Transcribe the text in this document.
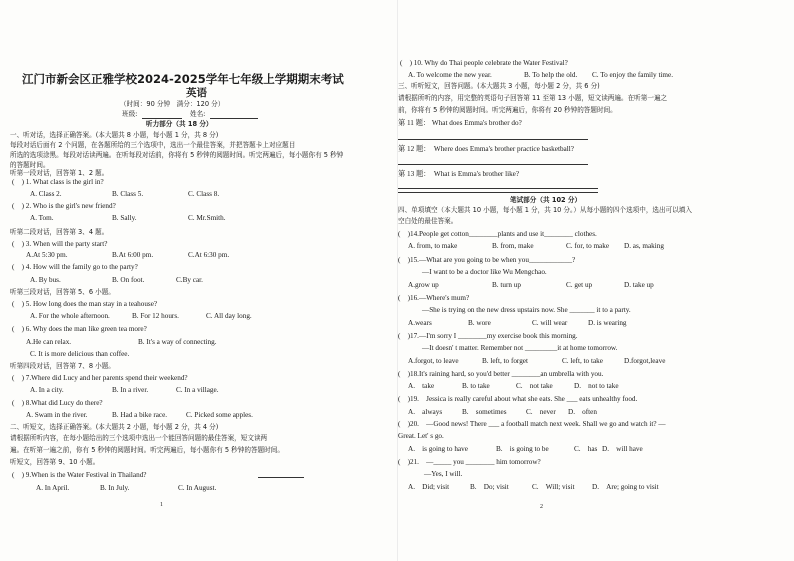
江门市新会区正雅学校2024-2025学年七年级上学期期末考试
英语
（时间：90 分钟　满分：120 分）
班级:	姓名:
听力部分（共 18 分）
一、听对话，选择正确答案。(本大题共 8 小题，每小题 1 分，共 8 分)
每段对话后面有 2 个问题，在各题所给的三个选项中，选出一个最佳答案，并把答题卡上对应题目
所选的选项涂黑。每段对话读两遍。在听每段对话前，你将有 5 秒钟的阅题时间。听完两遍后，每小题你有 5 秒钟
的答题时间。
听第一段对话，回答第 1、2 题。
(　) 1. What class is the girl in?
A. Class 2.	B. Class 5.	C. Class 8.
(　) 2. Who is the girl's new friend?
A. Tom.	B. Sally.	C. Mr.Smith.
听第二段对话，回答第 3、4 题。
(　) 3. When will the party start?
A.At 5:30 pm.	B.At 6:00 pm.	C.At 6:30 pm.
(　) 4. How will the family go to the party?
A. By bus.	B. On foot.	C.By car.
听第三段对话，回答第 5、6 小题。
(　) 5. How long does the man stay in a teahouse?
A. For the whole afternoon.	B. For 12 hours.	C. All day long.
(　) 6. Why does the man like green tea more?
A.He can relax.	B. It's a way of connecting.
C. It is more delicious than coffee.
听第四段对话，回答第 7、8 小题。
(　) 7.Where did Lucy and her parents spend their weekend?
A. In a city.	B. In a river.	C. In a village.
(　) 8.What did Lucy do there?
A. Swam in the river.	B. Had a bike race.	C. Picked some apples.
二、听短文，选择正确答案。(本大题共 2 小题，每小题 2 分，共 4 分)
请根据所听内容，在每小题给出的三个选项中选出一个能回答问题的最佳答案，短文读两
遍。在听第一遍之前，你有 5 秒钟的阅题时间。听完两遍后，每小题你有 5 秒钟的答题时间。
听短文，回答第 9、10 小题。
(　) 9.When is the Water Festival in Thailand?
A. In April.	B. In July.	C. In August.
1
(　) 10. Why do Thai people celebrate the Water Festival?
A. To welcome the new year.	B. To help the old. C. To enjoy the family time.
三、听听短文，回答问题。(本大题共 3 小题，每小题 2 分，共 6 分)
请根据所听的内容，用完整的英语句子回答第 11 至第 13 小题，短文读两遍。在听第一遍之
前，你将有 5 秒钟的阅题时间。听完两遍后，你将有 20 秒钟的答题时间。
第 11 题： What does Emma's brother do?
第 12 题：　Where does Emma's brother practice basketball?
第 13 题：　What is Emma's brother like?
笔试部分（共 102 分）
四、单项填空（本大题共 10 小题，每小题 1 分，共 10 分。）从每小题的四个选项中，选出可以填入
空白处的最佳答案。
(　)14.People get cotton________plants and use it________ clothes.
A. from, to make	B. from, make	C. for, to make D. as, making
(　)15.—What are you going to be when you____________?
—I want to be a doctor like Wu Mengchao.
A.grow up	B. turn up	C. get up	D. take up
(　)16.—Where's mum?
—She is trying on the new dress upstairs now. She _______ it to a party.
A.wears	B. wore	C. will wear	D. is wearing
(　)17.—I'm sorry I ________my exercise book this morning.
—It doesn' t matter. Remember not _________it at home tomorrow.
A.forgot, to leave	B. left, to forget	C. left, to take	D.forgot,leave
(　)18.It's raining hard, so you'd better ________an umbrella with you.
A.　take	B. to take	C.　not take	D.　not to take
(　)19.　Jessica is really careful about what she eats. She ___ eats unhealthy food.
A.　always	B.　sometimes	C.　never D.　often
(　)20.　—Good news! There ___ a football match next week. Shall we go and watch it? —
Great. Let' s go.
A.　is going to have	B.　is going to be	C.　has D.　will have
(　)21.　—_____ you ________ him tomorrow?
—Yes, I will.
A.　Did; visit	B.　Do; visit	C.　Will; visit D.　Are; going to visit
2
